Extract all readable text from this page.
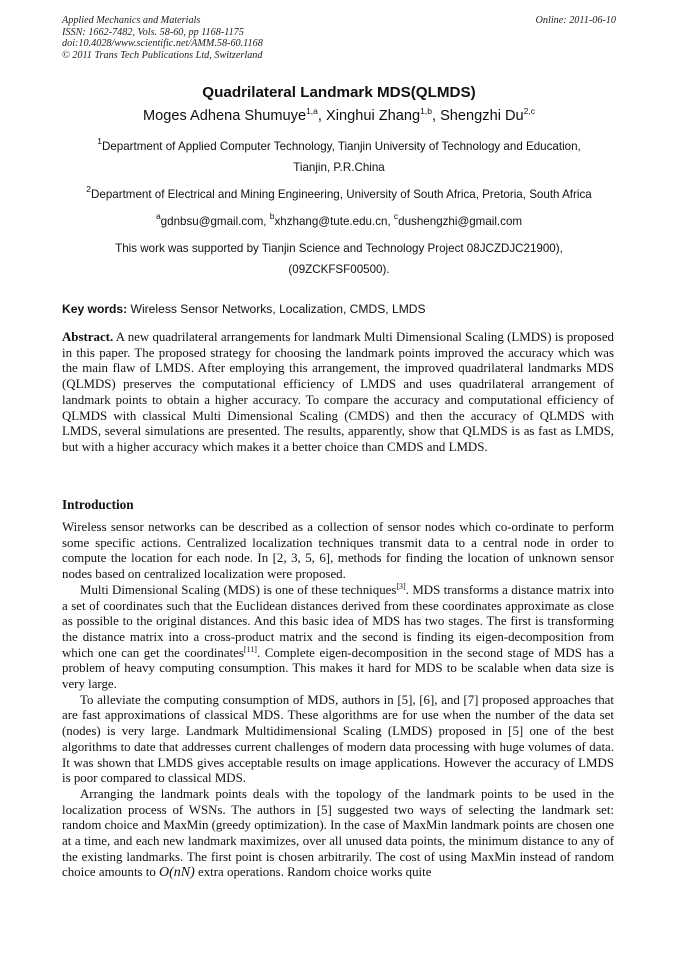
Applied Mechanics and Materials
ISSN: 1662-7482, Vols. 58-60, pp 1168-1175
doi:10.4028/www.scientific.net/AMM.58-60.1168
© 2011 Trans Tech Publications Ltd, Switzerland
Online: 2011-06-10
Quadrilateral Landmark MDS(QLMDS)
Moges Adhena Shumuye$^{1,a}$, Xinghui Zhang$^{1,b}$, Shengzhi Du$^{2,c}$
$^1$Department of Applied Computer Technology, Tianjin University of Technology and Education,
Tianjin, P.R.China
$^2$Department of Electrical and Mining Engineering, University of South Africa, Pretoria, South Africa
$^a$gdnbsu@gmail.com, $^b$xhzhang@tute.edu.cn, $^c$dushengzhi@gmail.com
This work was supported by Tianjin Science and Technology Project 08JCZDJC21900),
(09ZCKFSF00500).
Key words: Wireless Sensor Networks, Localization, CMDS, LMDS

Abstract. A new quadrilateral arrangements for landmark Multi Dimensional Scaling (LMDS) is proposed in this paper. The proposed strategy for choosing the landmark points improved the accuracy which was the main flaw of LMDS. After employing this arrangement, the improved quadrilateral landmarks MDS (QLMDS) preserves the computational efficiency of LMDS and uses quadrilateral arrangement of landmark points to obtain a higher accuracy. To compare the accuracy and computational efficiency of QLMDS with classical Multi Dimensional Scaling (CMDS) and then the accuracy of QLMDS with LMDS, several simulations are presented. The results, apparently, show that QLMDS is as fast as LMDS, but with a higher accuracy which makes it a better choice than CMDS and LMDS.

Introduction

Wireless sensor networks can be described as a collection of sensor nodes which co-ordinate to perform some specific actions. Centralized localization techniques transmit data to a central node in order to compute the location for each node. In [2, 3, 5, 6], methods for finding the location of unknown sensor nodes based on centralized localization were proposed.

Multi Dimensional Scaling (MDS) is one of these techniques[3]. MDS transforms a distance matrix into a set of coordinates such that the Euclidean distances derived from these coordinates approximate as close as possible to the original distances. And this basic idea of MDS has two stages. The first is transforming the distance matrix into a cross-product matrix and the second is finding its eigen-decomposition from which one can get the coordinates[11]. Complete eigen-decomposition in the second stage of MDS has a problem of heavy computing consumption. This makes it hard for MDS to be scalable when data size is very large.

To alleviate the computing consumption of MDS, authors in [5], [6], and [7] proposed approaches that are fast approximations of classical MDS. These algorithms are for use when the number of the data set (nodes) is very large. Landmark Multidimensional Scaling (LMDS) proposed in [5] one of the best algorithms to date that addresses current challenges of modern data processing with huge volumes of data. It was shown that LMDS gives acceptable results on image applications. However the accuracy of LMDS is poor compared to classical MDS.

Arranging the landmark points deals with the topology of the landmark points to be used in the localization process of WSNs. The authors in [5] suggested two ways of selecting the landmark set: random choice and MaxMin (greedy optimization). In the case of MaxMin landmark points are chosen one at a time, and each new landmark maximizes, over all unused data points, the minimum distance to any of the existing landmarks. The first point is chosen arbitrarily. The cost of using MaxMin instead of random choice amounts to O(nN) extra operations. Random choice works quite
